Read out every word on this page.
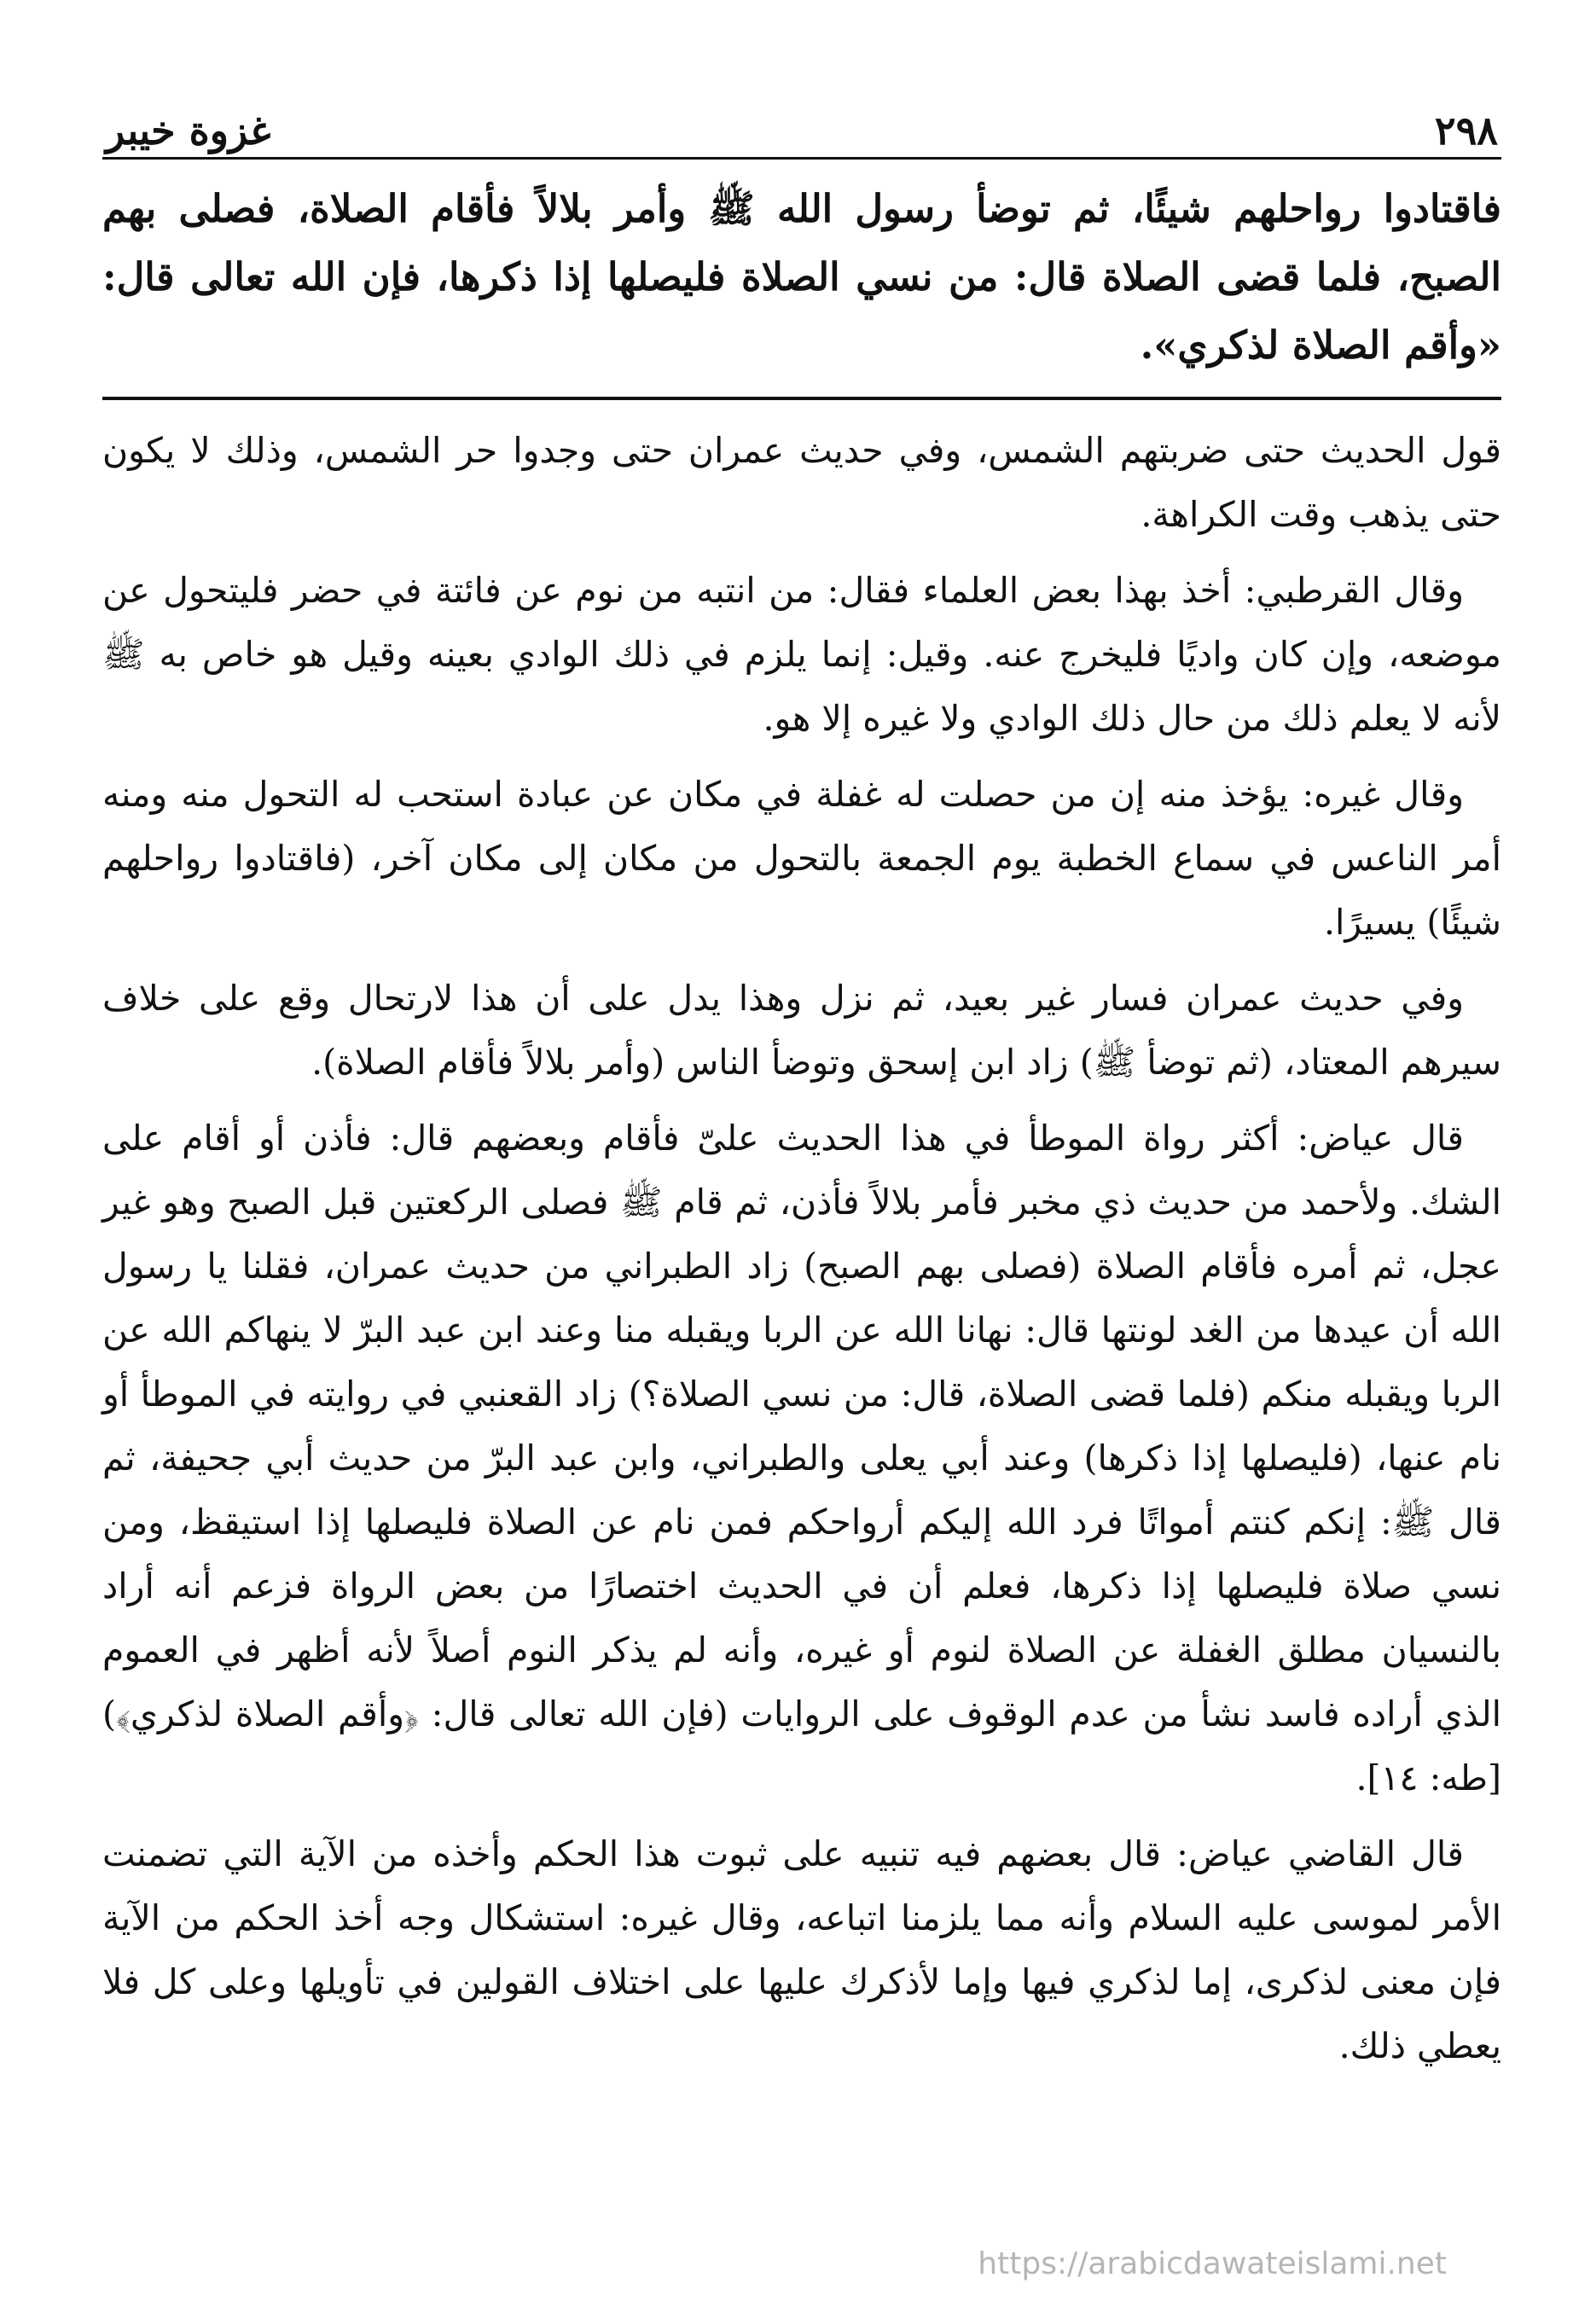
٢٩٨
غزوة خيبر
فاقتادوا رواحلهم شيئًا، ثم توضأ رسول الله ﷺ وأمر بلالاً فأقام الصلاة، فصلى بهم الصبح، فلما قضى الصلاة قال: من نسي الصلاة فليصلها إذا ذكرها، فإن الله تعالى قال: «وأقم الصلاة لذكري».

قول الحديث حتى ضربتهم الشمس، وفي حديث عمران حتى وجدوا حر الشمس، وذلك لا يكون حتى يذهب وقت الكراهة.

وقال القرطبي: أخذ بهذا بعض العلماء فقال: من انتبه من نوم عن فائتة في حضر فليتحول عن موضعه، وإن كان واديًا فليخرج عنه. وقيل: إنما يلزم في ذلك الوادي بعينه وقيل هو خاص به ﷺ لأنه لا يعلم ذلك من حال ذلك الوادي ولا غيره إلا هو.

وقال غيره: يؤخذ منه إن من حصلت له غفلة في مكان عن عبادة استحب له التحول منه ومنه أمر الناعس في سماع الخطبة يوم الجمعة بالتحول من مكان إلى مكان آخر، (فاقتادوا رواحلهم شيئًا) يسيرًا.

وفي حديث عمران فسار غير بعيد، ثم نزل وهذا يدل على أن هذا لارتحال وقع على خلاف سيرهم المعتاد، (ثم توضأ ﷺ) زاد ابن إسحق وتوضأ الناس (وأمر بلالاً فأقام الصلاة).

قال عياض: أكثر رواة الموطأ في هذا الحديث علىّ فأقام وبعضهم قال: فأذن أو أقام على الشك. ولأحمد من حديث ذي مخبر فأمر بلالاً فأذن، ثم قام ﷺ فصلى الركعتين قبل الصبح وهو غير عجل، ثم أمره فأقام الصلاة (فصلى بهم الصبح) زاد الطبراني من حديث عمران، فقلنا يا رسول الله أن عيدها من الغد لونتها قال: نهانا الله عن الربا ويقبله منا وعند ابن عبد البرّ لا ينهاكم الله عن الربا ويقبله منكم (فلما قضى الصلاة، قال: من نسي الصلاة؟) زاد القعنبي في روايته في الموطأ أو نام عنها، (فليصلها إذا ذكرها) وعند أبي يعلى والطبراني، وابن عبد البرّ من حديث أبي جحيفة، ثم قال ﷺ: إنكم كنتم أمواتًا فرد الله إليكم أرواحكم فمن نام عن الصلاة فليصلها إذا استيقظ، ومن نسي صلاة فليصلها إذا ذكرها، فعلم أن في الحديث اختصارًا من بعض الرواة فزعم أنه أراد بالنسيان مطلق الغفلة عن الصلاة لنوم أو غيره، وأنه لم يذكر النوم أصلاً لأنه أظهر في العموم الذي أراده فاسد نشأ من عدم الوقوف على الروايات (فإن الله تعالى قال: ﴿وأقم الصلاة لذكري﴾) [طه: ١٤].

قال القاضي عياض: قال بعضهم فيه تنبيه على ثبوت هذا الحكم وأخذه من الآية التي تضمنت الأمر لموسى عليه السلام وأنه مما يلزمنا اتباعه، وقال غيره: استشكال وجه أخذ الحكم من الآية فإن معنى لذكرى، إما لذكري فيها وإما لأذكرك عليها على اختلاف القولين في تأويلها وعلى كل فلا يعطي ذلك.

https://arabicdawateislami.net
